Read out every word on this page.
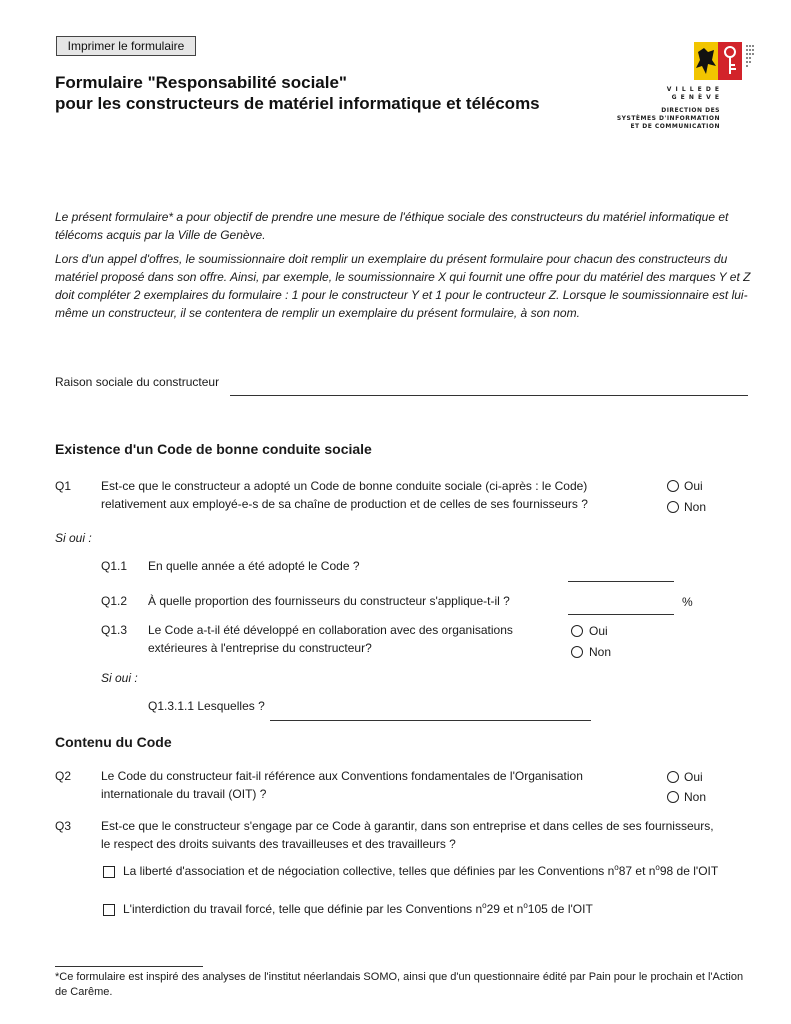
Imprimer le formulaire
Formulaire "Responsabilité sociale"
pour les constructeurs de matériel informatique et télécoms
V I L L E D E
G E N È V E
DIRECTION DES
SYSTÈMES D'INFORMATION
ET DE COMMUNICATION
Le présent formulaire* a pour objectif de prendre une mesure de l'éthique sociale des constructeurs du matériel informatique et télécoms acquis par la Ville de Genève.
Lors d'un appel d'offres, le soumissionnaire doit remplir un exemplaire du présent formulaire pour chacun des constructeurs du matériel proposé dans son offre. Ainsi, par exemple, le soumissionnaire X qui fournit une offre pour du matériel des marques Y et Z doit compléter 2 exemplaires du formulaire : 1 pour le constructeur Y et 1 pour le contructeur Z. Lorsque le soumissionnaire est lui-même un constructeur, il se contentera de remplir un exemplaire du présent formulaire, à son nom.
Raison sociale du constructeur
Existence d'un Code de bonne conduite sociale
Q1 Est-ce que le constructeur a adopté un Code de bonne conduite sociale (ci-après : le Code)
relativement aux employé-e-s de sa chaîne de production et de celles de ses fournisseurs ?
Oui
Non
Si oui :
Q1.1 En quelle année a été adopté le Code ?
Q1.2 À quelle proportion des fournisseurs du constructeur s'applique-t-il ?	%
Q1.3 Le Code a-t-il été développé en collaboration avec des organisations
extérieures à l'entreprise du constructeur?
Oui
Non
Si oui :
Q1.3.1.1 Lesquelles ?
Contenu du Code
Q2 Le Code du constructeur fait-il référence aux Conventions fondamentales de l'Organisation
internationale du travail (OIT) ?
Oui
Non
Q3 Est-ce que le constructeur s'engage par ce Code à garantir, dans son entreprise et dans celles de ses fournisseurs,
le respect des droits suivants des travailleuses et des travailleurs ?
La liberté d'association et de négociation collective, telles que définies par les Conventions $n^o87$ et $n^o98$ de l'OIT
L'interdiction du travail forcé, telle que définie par les Conventions $n^o29$ et $n^o105$ de l'OIT
*Ce formulaire est inspiré des analyses de l'institut néerlandais SOMO, ainsi que d'un questionnaire édité par Pain pour le prochain et l'Action de Carême.
